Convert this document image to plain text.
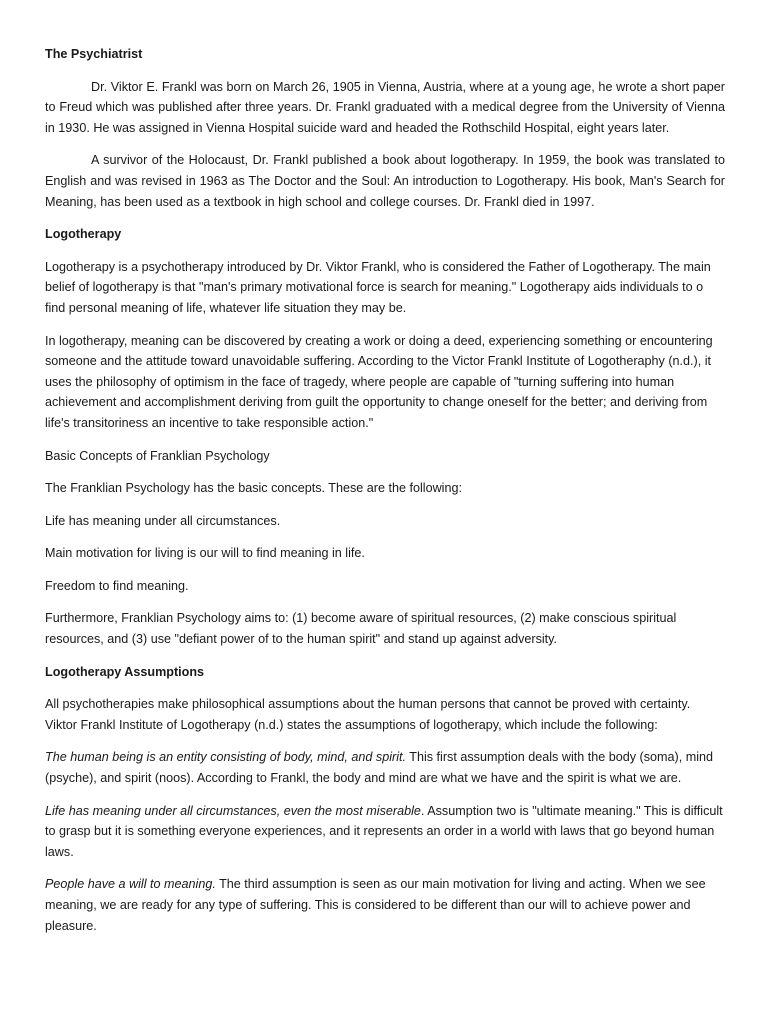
The Psychiatrist
Dr. Viktor E. Frankl was born on March 26, 1905 in Vienna, Austria, where at a young age, he wrote a short paper to Freud which was published after three years. Dr. Frankl graduated with a medical degree from the University of Vienna in 1930. He was assigned in Vienna Hospital suicide ward and headed the Rothschild Hospital, eight years later.
A survivor of the Holocaust, Dr. Frankl published a book about logotherapy. In 1959, the book was translated to English and was revised in 1963 as The Doctor and the Soul: An introduction to Logotherapy. His book, Man's Search for Meaning, has been used as a textbook in high school and college courses. Dr. Frankl died in 1997.
Logotherapy
Logotherapy is a psychotherapy introduced by Dr. Viktor Frankl, who is considered the Father of Logotherapy. The main belief of logotherapy is that "man's primary motivational force is search for meaning." Logotherapy aids individuals to o find personal meaning of life, whatever life situation they may be.
In logotherapy, meaning can be discovered by creating a work or doing a deed, experiencing something or encountering someone and the attitude toward unavoidable suffering. According to the Victor Frankl Institute of Logotheraphy (n.d.), it uses the philosophy of optimism in the face of tragedy, where people are capable of "turning suffering into human achievement and accomplishment deriving from guilt the opportunity to change oneself for the better; and deriving from life's transitoriness an incentive to take responsible action."
Basic Concepts of Franklian Psychology
The Franklian Psychology has the basic concepts. These are the following:
Life has meaning under all circumstances.
Main motivation for living is our will to find meaning in life.
Freedom to find meaning.
Furthermore, Franklian Psychology aims to: (1) become aware of spiritual resources, (2) make conscious spiritual resources, and (3) use "defiant power of to the human spirit" and stand up against adversity.
Logotherapy Assumptions
All psychotherapies make philosophical assumptions about the human persons that cannot be proved with certainty. Viktor Frankl Institute of Logotherapy (n.d.) states the assumptions of logotherapy, which include the following:
The human being is an entity consisting of body, mind, and spirit. This first assumption deals with the body (soma), mind (psyche), and spirit (noos). According to Frankl, the body and mind are what we have and the spirit is what we are.
Life has meaning under all circumstances, even the most miserable. Assumption two is "ultimate meaning." This is difficult to grasp but it is something everyone experiences, and it represents an order in a world with laws that go beyond human laws.
People have a will to meaning. The third assumption is seen as our main motivation for living and acting. When we see meaning, we are ready for any type of suffering. This is considered to be different than our will to achieve power and pleasure.
